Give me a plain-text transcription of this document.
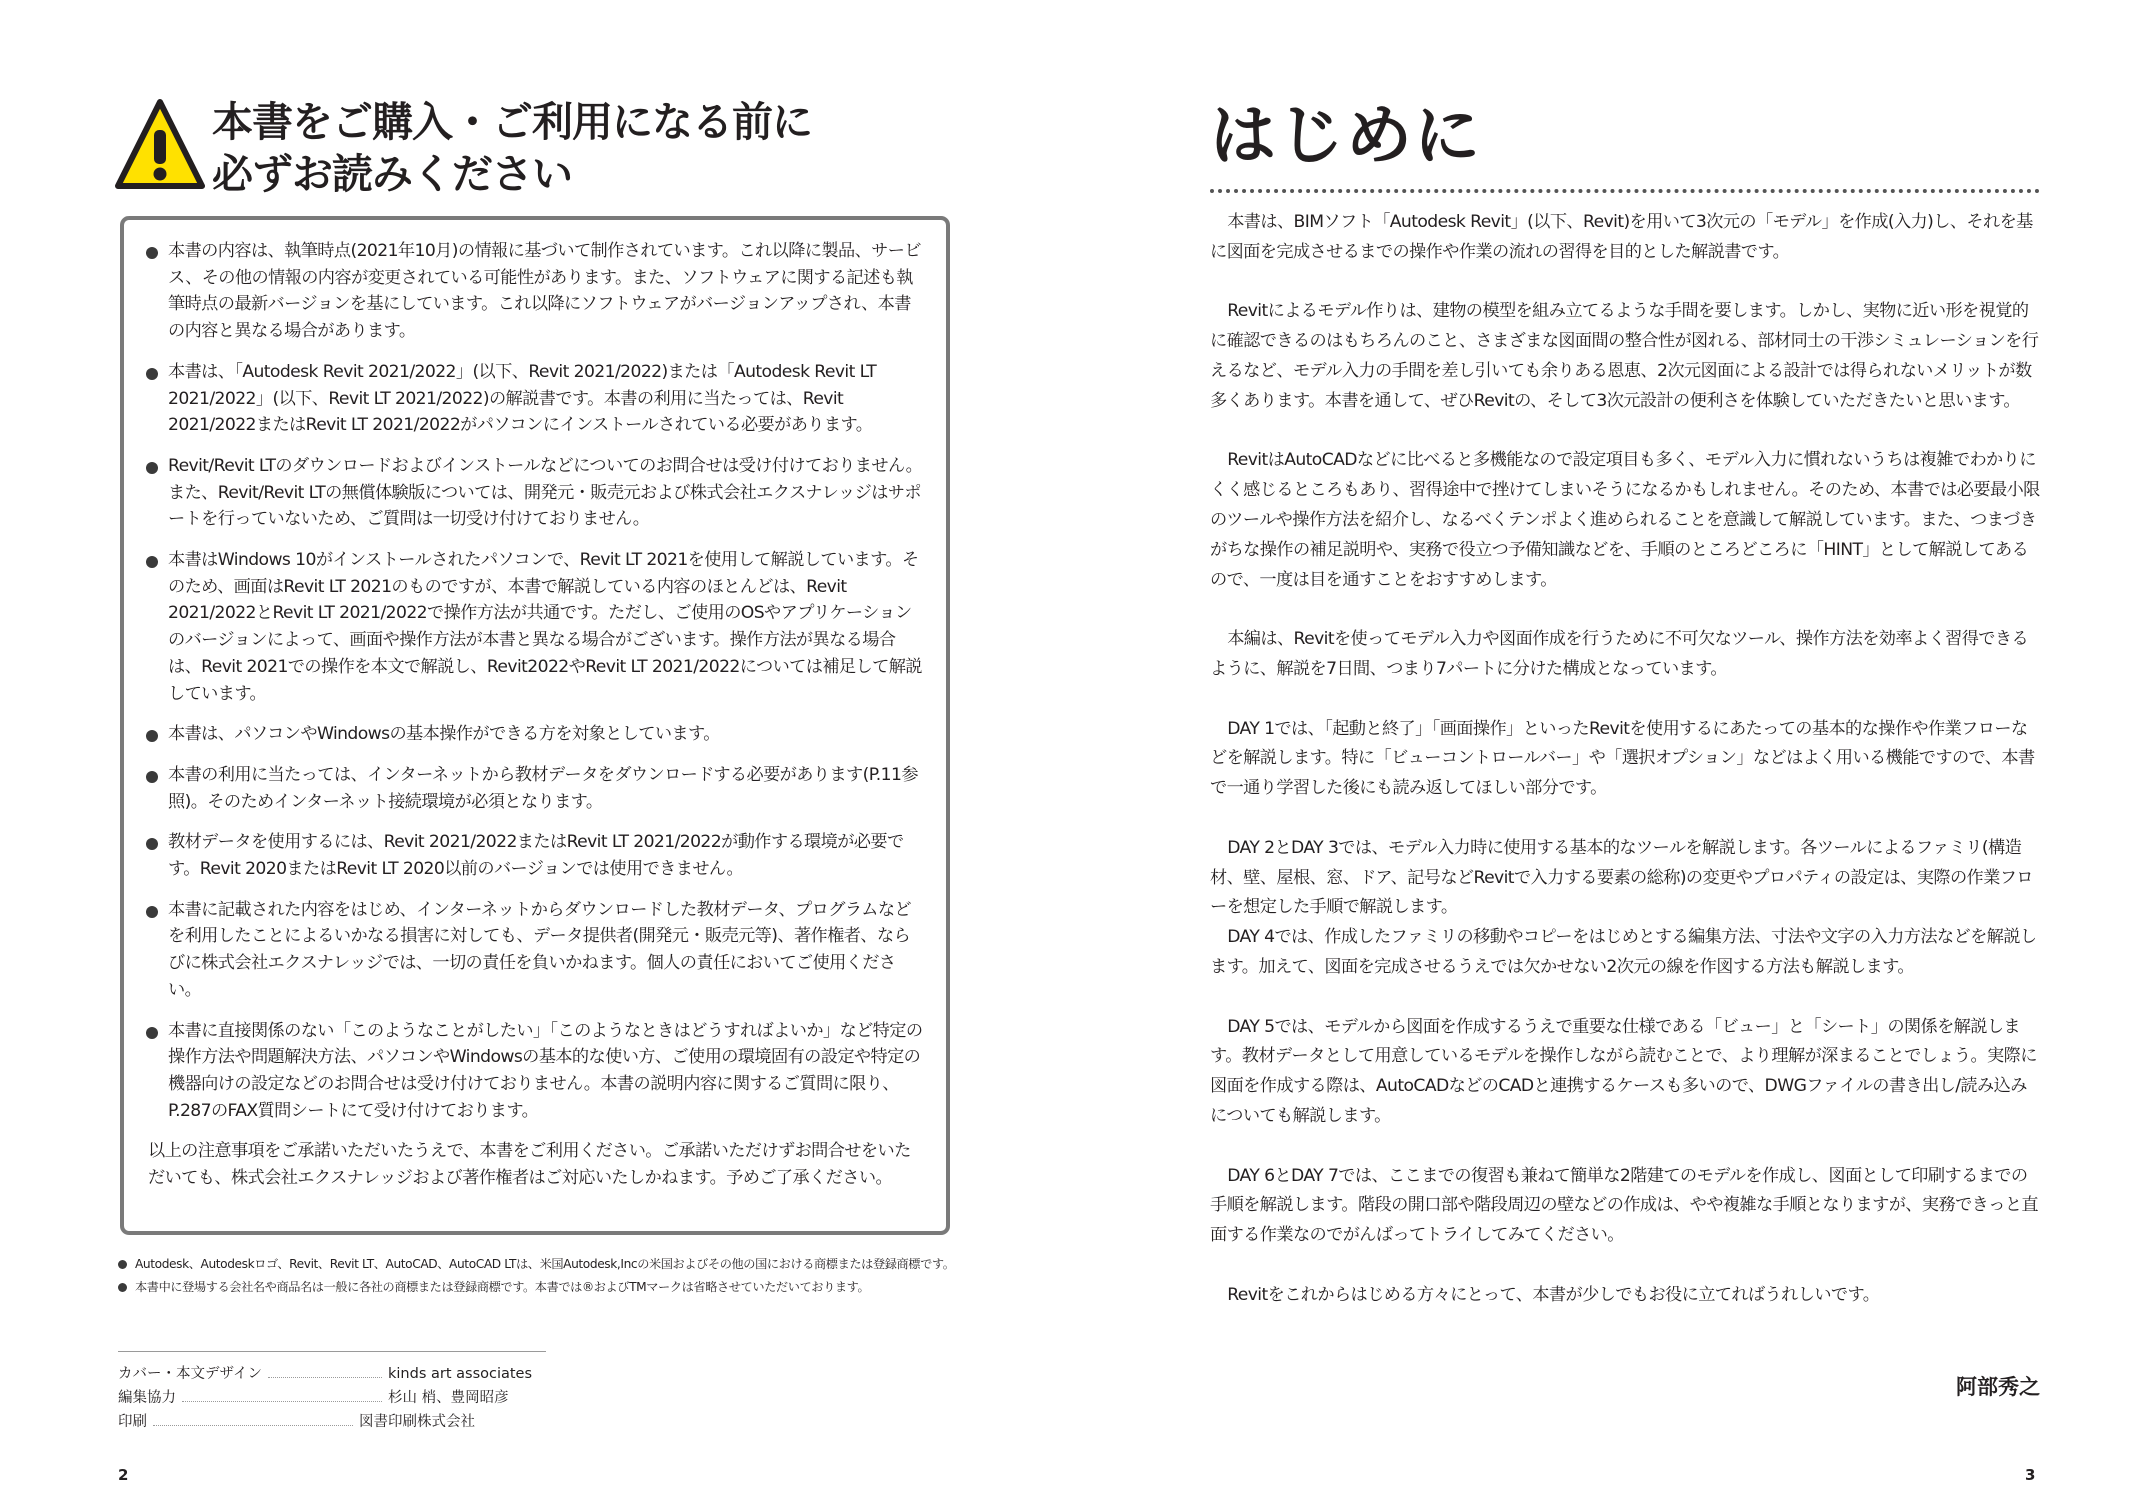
本書をご購入・ご利用になる前に
必ずお読みください
本書の内容は、執筆時点(2021年10月)の情報に基づいて制作されています。これ以降に製品、サービス、その他の情報の内容が変更されている可能性があります。また、ソフトウェアに関する記述も執筆時点の最新バージョンを基にしています。これ以降にソフトウェアがバージョンアップされ、本書の内容と異なる場合があります。
本書は、「Autodesk Revit 2021/2022」(以下、Revit 2021/2022)または「Autodesk Revit LT 2021/2022」(以下、Revit LT 2021/2022)の解説書です。本書の利用に当たっては、Revit 2021/2022またはRevit LT 2021/2022がパソコンにインストールされている必要があります。
Revit/Revit LTのダウンロードおよびインストールなどについてのお問合せは受け付けておりません。また、Revit/Revit LTの無償体験版については、開発元・販売元および株式会社エクスナレッジはサポートを行っていないため、ご質問は一切受け付けておりません。
本書はWindows 10がインストールされたパソコンで、Revit LT 2021を使用して解説しています。そのため、画面はRevit LT 2021のものですが、本書で解説している内容のほとんどは、Revit 2021/2022とRevit LT 2021/2022で操作方法が共通です。ただし、ご使用のOSやアプリケーションのバージョンによって、画面や操作方法が本書と異なる場合がございます。操作方法が異なる場合は、Revit 2021での操作を本文で解説し、Revit2022やRevit LT 2021/2022については補足して解説しています。
本書は、パソコンやWindowsの基本操作ができる方を対象としています。
本書の利用に当たっては、インターネットから教材データをダウンロードする必要があります(P.11参照)。そのためインターネット接続環境が必須となります。
教材データを使用するには、Revit 2021/2022またはRevit LT 2021/2022が動作する環境が必要です。Revit 2020またはRevit LT 2020以前のバージョンでは使用できません。
本書に記載された内容をはじめ、インターネットからダウンロードした教材データ、プログラムなどを利用したことによるいかなる損害に対しても、データ提供者(開発元・販売元等)、著作権者、ならびに株式会社エクスナレッジでは、一切の責任を負いかねます。個人の責任においてご使用ください。
本書に直接関係のない「このようなことがしたい」「このようなときはどうすればよいか」など特定の操作方法や問題解決方法、パソコンやWindowsの基本的な使い方、ご使用の環境固有の設定や特定の機器向けの設定などのお問合せは受け付けておりません。本書の説明内容に関するご質問に限り、P.287のFAX質問シートにて受け付けております。
以上の注意事項をご承諾いただいたうえで、本書をご利用ください。ご承諾いただけずお問合せをいただいても、株式会社エクスナレッジおよび著作権者はご対応いたしかねます。予めご了承ください。
Autodesk、Autodeskロゴ、Revit、Revit LT、AutoCAD、AutoCAD LTは、米国Autodesk,Incの米国およびその他の国における商標または登録商標です。
本書中に登場する会社名や商品名は一般に各社の商標または登録商標です。本書では®およびTMマークは省略させていただいております。
カバー・本文デザイン	kinds art associates
編集協力	杉山 梢、豊岡昭彦
印刷	図書印刷株式会社
2
はじめに

本書は、BIMソフト「Autodesk Revit」(以下、Revit)を用いて3次元の「モデル」を作成(入力)し、それを基に図面を完成させるまでの操作や作業の流れの習得を目的とした解説書です。

Revitによるモデル作りは、建物の模型を組み立てるような手間を要します。しかし、実物に近い形を視覚的に確認できるのはもちろんのこと、さまざまな図面間の整合性が図れる、部材同士の干渉シミュレーションを行えるなど、モデル入力の手間を差し引いても余りある恩恵、2次元図面による設計では得られないメリットが数多くあります。本書を通して、ぜひRevitの、そして3次元設計の便利さを体験していただきたいと思います。

RevitはAutoCADなどに比べると多機能なので設定項目も多く、モデル入力に慣れないうちは複雑でわかりにくく感じるところもあり、習得途中で挫けてしまいそうになるかもしれません。そのため、本書では必要最小限のツールや操作方法を紹介し、なるべくテンポよく進められることを意識して解説しています。また、つまづきがちな操作の補足説明や、実務で役立つ予備知識などを、手順のところどころに「HINT」として解説してあるので、一度は目を通すことをおすすめします。

本編は、Revitを使ってモデル入力や図面作成を行うために不可欠なツール、操作方法を効率よく習得できるように、解説を7日間、つまり7パートに分けた構成となっています。

DAY 1では、「起動と終了」「画面操作」といったRevitを使用するにあたっての基本的な操作や作業フローなどを解説します。特に「ビューコントロールバー」や「選択オプション」などはよく用いる機能ですので、本書で一通り学習した後にも読み返してほしい部分です。

DAY 2とDAY 3では、モデル入力時に使用する基本的なツールを解説します。各ツールによるファミリ(構造材、壁、屋根、窓、ドア、記号などRevitで入力する要素の総称)の変更やプロパティの設定は、実際の作業フローを想定した手順で解説します。

DAY 4では、作成したファミリの移動やコピーをはじめとする編集方法、寸法や文字の入力方法などを解説します。加えて、図面を完成させるうえでは欠かせない2次元の線を作図する方法も解説します。

DAY 5では、モデルから図面を作成するうえで重要な仕様である「ビュー」と「シート」の関係を解説します。教材データとして用意しているモデルを操作しながら読むことで、より理解が深まることでしょう。実際に図面を作成する際は、AutoCADなどのCADと連携するケースも多いので、DWGファイルの書き出し/読み込みについても解説します。

DAY 6とDAY 7では、ここまでの復習も兼ねて簡単な2階建てのモデルを作成し、図面として印刷するまでの手順を解説します。階段の開口部や階段周辺の壁などの作成は、やや複雑な手順となりますが、実務できっと直面する作業なのでがんばってトライしてみてください。

Revitをこれからはじめる方々にとって、本書が少しでもお役に立てればうれしいです。

阿部秀之
3
